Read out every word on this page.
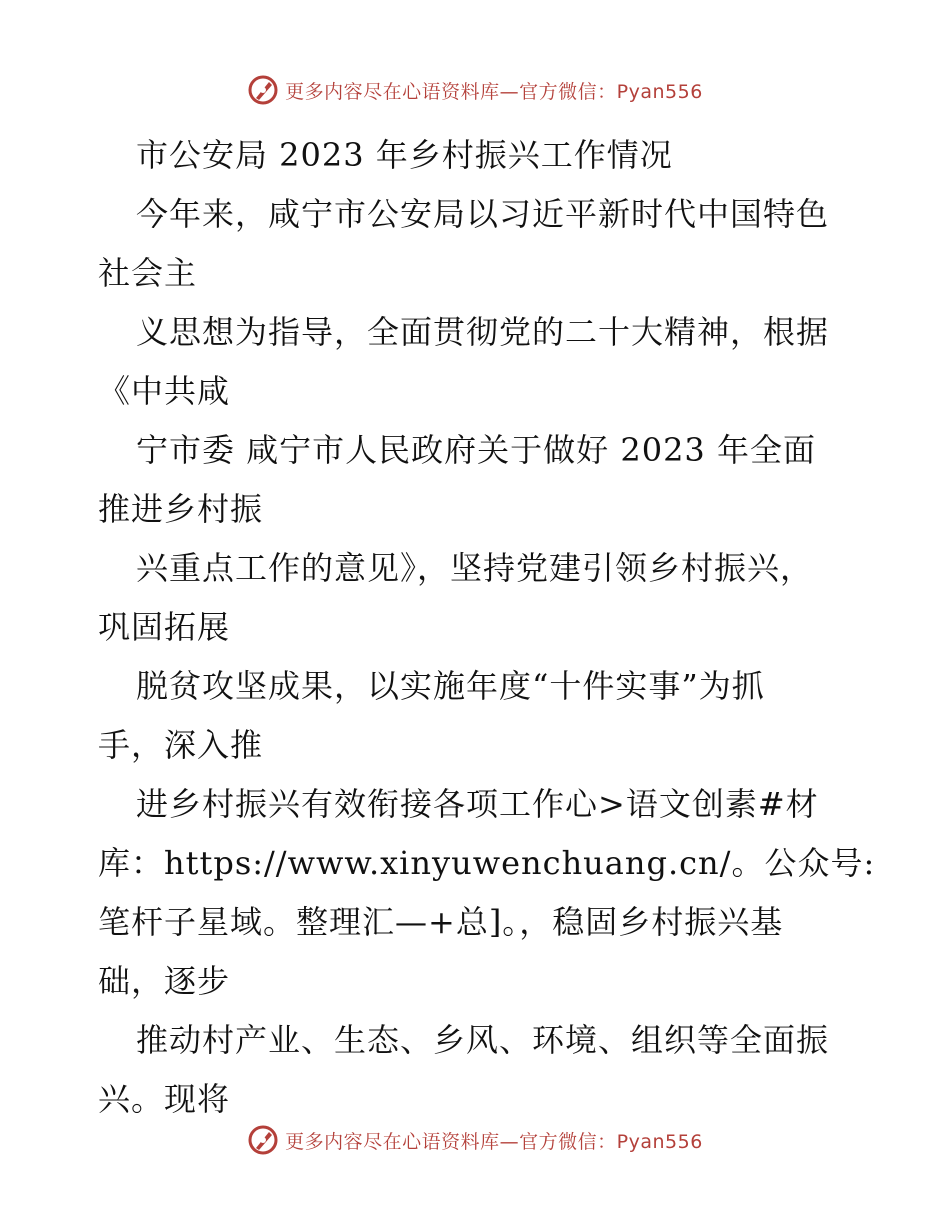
更多内容尽在心语资料库—官方微信：Pyan556
市公安局 2023 年乡村振兴工作情况
今年来，咸宁市公安局以习近平新时代中国特色
社会主
义思想为指导，全面贯彻党的二十大精神，根据
《中共咸
宁市委 咸宁市人民政府关于做好 2023 年全面
推进乡村振
兴重点工作的意见》，坚持党建引领乡村振兴，
巩固拓展
脱贫攻坚成果，以实施年度“十件实事”为抓
手，深入推
进乡村振兴有效衔接各项工作心>语文创素#材
库：https://www.xinyuwenchuang.cn/。公众号:
笔杆子星域。整理汇—+总]。，稳固乡村振兴基
础，逐步
推动村产业、生态、乡风、环境、组织等全面振
兴。现将
更多内容尽在心语资料库—官方微信：Pyan556
